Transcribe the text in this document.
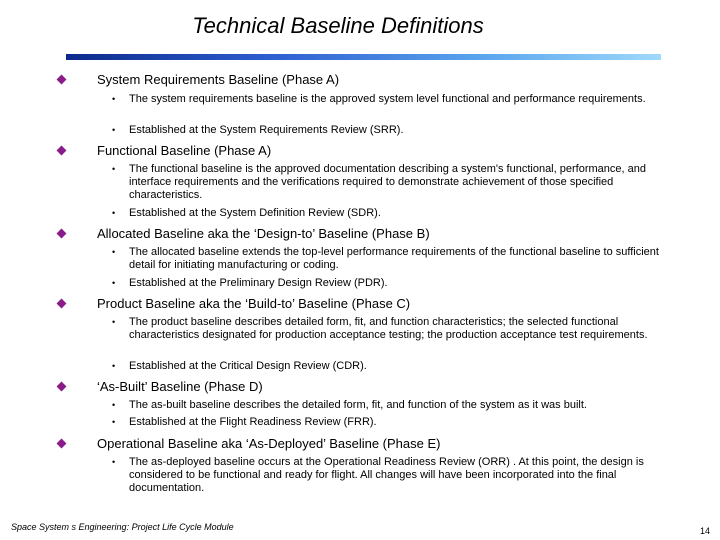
Technical Baseline Definitions
System Requirements Baseline (Phase A)
• The system requirements baseline is the approved system level functional and performance requirements.
• Established at the System Requirements Review (SRR).
Functional Baseline (Phase A)
• The functional baseline is the approved documentation describing a system's functional, performance, and interface requirements and the verifications required to demonstrate achievement of those specified characteristics.
• Established at the System Definition Review (SDR).
Allocated Baseline aka the ‘Design-to’ Baseline (Phase B)
• The allocated baseline extends the top-level performance requirements of the functional baseline to sufficient detail for initiating manufacturing or coding.
• Established at the Preliminary Design Review (PDR).
Product Baseline aka the ‘Build-to’ Baseline (Phase C)
• The product baseline describes detailed form, fit, and function characteristics; the selected functional characteristics designated for production acceptance testing; the production acceptance test requirements.
• Established at the Critical Design Review (CDR).
‘As-Built’ Baseline (Phase D)
• The as-built baseline describes the detailed form, fit, and function of the system as it was built.
• Established at the Flight Readiness Review (FRR).
Operational Baseline aka ‘As-Deployed’ Baseline (Phase E)
• The as-deployed baseline occurs at the Operational Readiness Review (ORR) . At this point, the design is considered to be functional and ready for flight. All changes will have been incorporated into the final documentation.
Space System s Engineering: Project Life Cycle Module	14
